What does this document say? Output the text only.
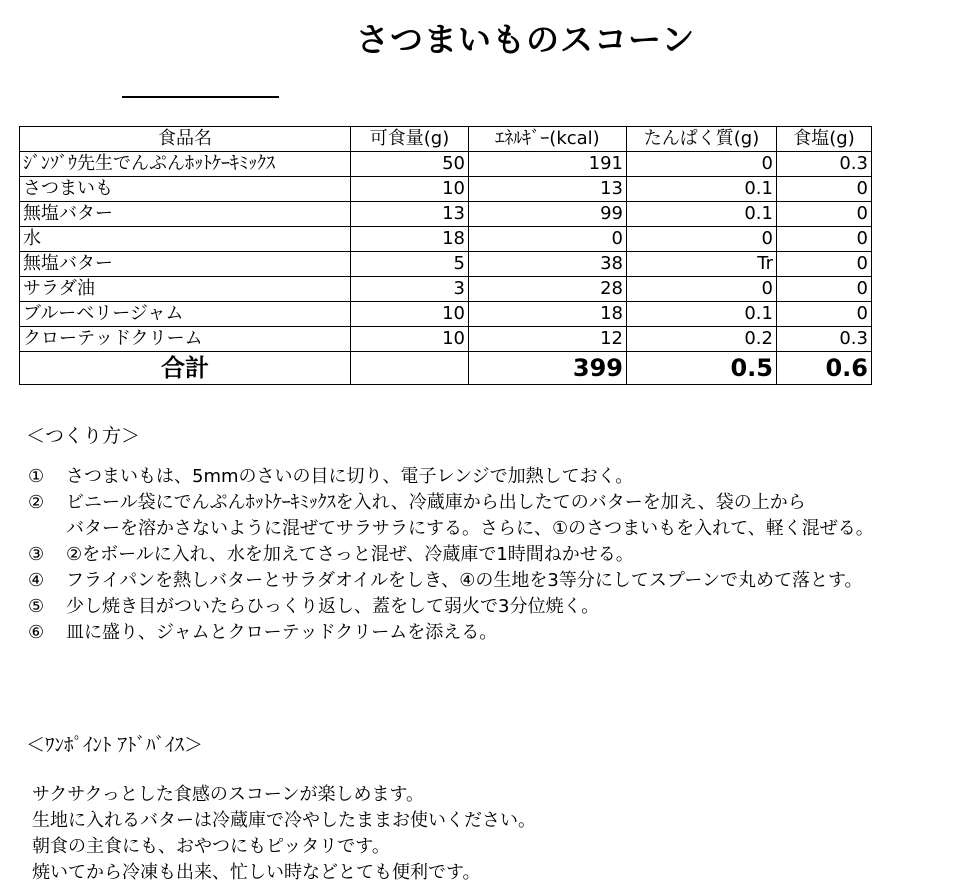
さつまいものスコーン
食品名	可食量(g)	ｴﾈﾙｷﾞｰ(kcal)	たんぱく質(g)	食塩(g)
ｼﾞﾝｿﾞｳ先生でんぷんﾎｯﾄｹｰｷﾐｯｸｽ	50	191	0	0.3
さつまいも	10	13	0.1	0
無塩バター	13	99	0.1	0
水	18	0	0	0
無塩バター	5	38	Tr	0
サラダ油	3	28	0	0
ブルーベリージャム	10	18	0.1	0
クローテッドクリーム	10	12	0.2	0.3
合計		399	0.5	0.6
＜つくり方＞
① さつまいもは、5mmのさいの目に切り、電子レンジで加熱しておく。
② ビニール袋にでんぷんﾎｯﾄｹｰｷﾐｯｸｽを入れ、冷蔵庫から出したてのバターを加え、袋の上から
バターを溶かさないように混ぜてサラサラにする。さらに、①のさつまいもを入れて、軽く混ぜる。
③ ②をボールに入れ、水を加えてさっと混ぜ、冷蔵庫で1時間ねかせる。
④ フライパンを熱しバターとサラダオイルをしき、④の生地を3等分にしてスプーンで丸めて落とす。
⑤ 少し焼き目がついたらひっくり返し、蓋をして弱火で3分位焼く。
⑥ 皿に盛り、ジャムとクローテッドクリームを添える。
＜ﾜﾝﾎﾟｲﾝﾄ ｱﾄﾞﾊﾞｲｽ＞
サクサクっとした食感のスコーンが楽しめます。
生地に入れるバターは冷蔵庫で冷やしたままお使いください。
朝食の主食にも、おやつにもピッタリです。
焼いてから冷凍も出来、忙しい時などとても便利です。
